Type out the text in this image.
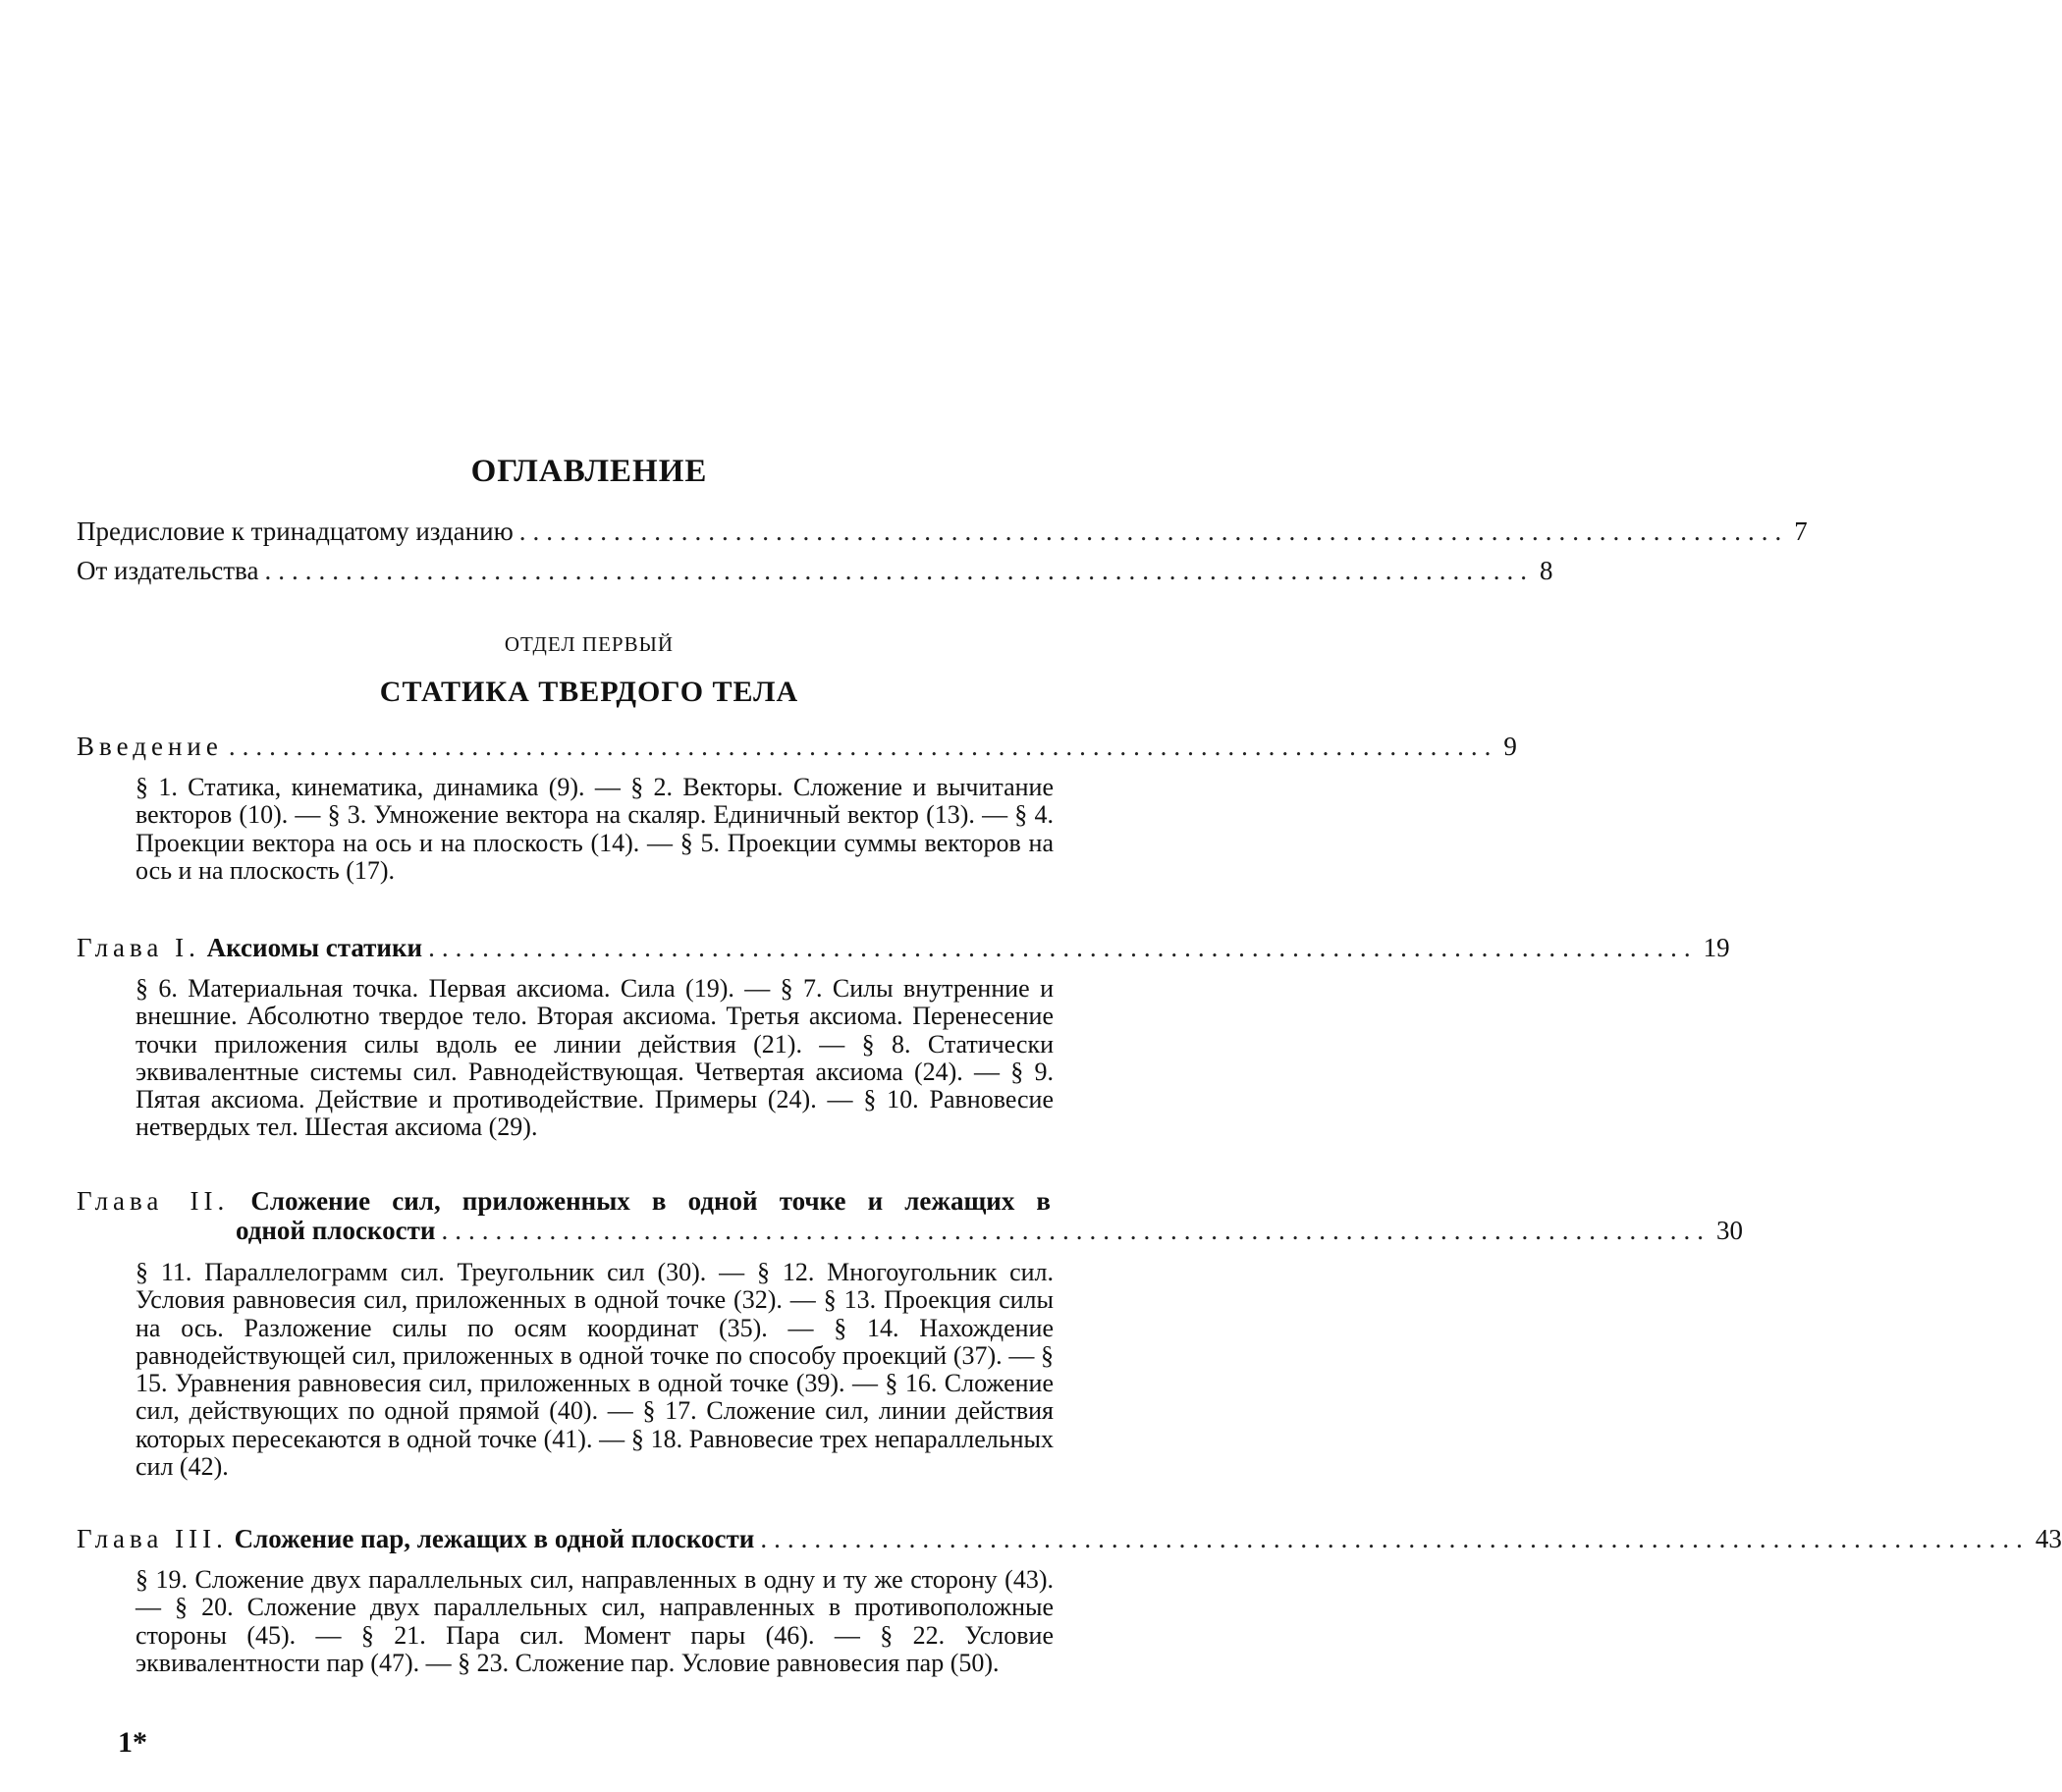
ОГЛАВЛЕНИЕ
Предисловие к тринадцатому изданию .............................................................................................. 7
От издательства .............................................................................................. 8
ОТДЕЛ ПЕРВЫЙ
СТАТИКА ТВЕРДОГО ТЕЛА
Введение .............................................................................................. 9
§ 1. Статика, кинематика, динамика (9). — § 2. Векторы. Сложение и вычитание векторов (10). — § 3. Умножение вектора на скаляр. Единичный вектор (13). — § 4. Проекции вектора на ось и на плоскость (14). — § 5. Проекции суммы векторов на ось и на плоскость (17).
Глава I. Аксиомы статики .............................................................................................. 19
§ 6. Материальная точка. Первая аксиома. Сила (19). — § 7. Силы внутренние и внешние. Абсолютно твердое тело. Вторая аксиома. Третья аксиома. Перенесение точки приложения силы вдоль ее линии действия (21). — § 8. Статически эквивалентные системы сил. Равнодействующая. Четвертая аксиома (24). — § 9. Пятая аксиома. Действие и противодействие. Примеры (24). — § 10. Равновесие нетвердых тел. Шестая аксиома (29).
Глава II. Сложение сил, приложенных в одной точке и лежащих в
одной плоскости .............................................................................................. 30
§ 11. Параллелограмм сил. Треугольник сил (30). — § 12. Многоугольник сил. Условия равновесия сил, приложенных в одной точке (32). — § 13. Проекция силы на ось. Разложение силы по осям координат (35). — § 14. Нахождение равнодействующей сил, приложенных в одной точке по способу проекций (37). — § 15. Уравнения равновесия сил, приложенных в одной точке (39). — § 16. Сложение сил, действующих по одной прямой (40). — § 17. Сложение сил, линии действия которых пересекаются в одной точке (41). — § 18. Равновесие трех непараллельных сил (42).
Глава III. Сложение пар, лежащих в одной плоскости .............................................................................................. 43
§ 19. Сложение двух параллельных сил, направленных в одну и ту же сторону (43). — § 20. Сложение двух параллельных сил, направленных в противоположные стороны (45). — § 21. Пара сил. Момент пары (46). — § 22. Условие эквивалентности пар (47). — § 23. Сложение пар. Условие равновесия пар (50).
1*
